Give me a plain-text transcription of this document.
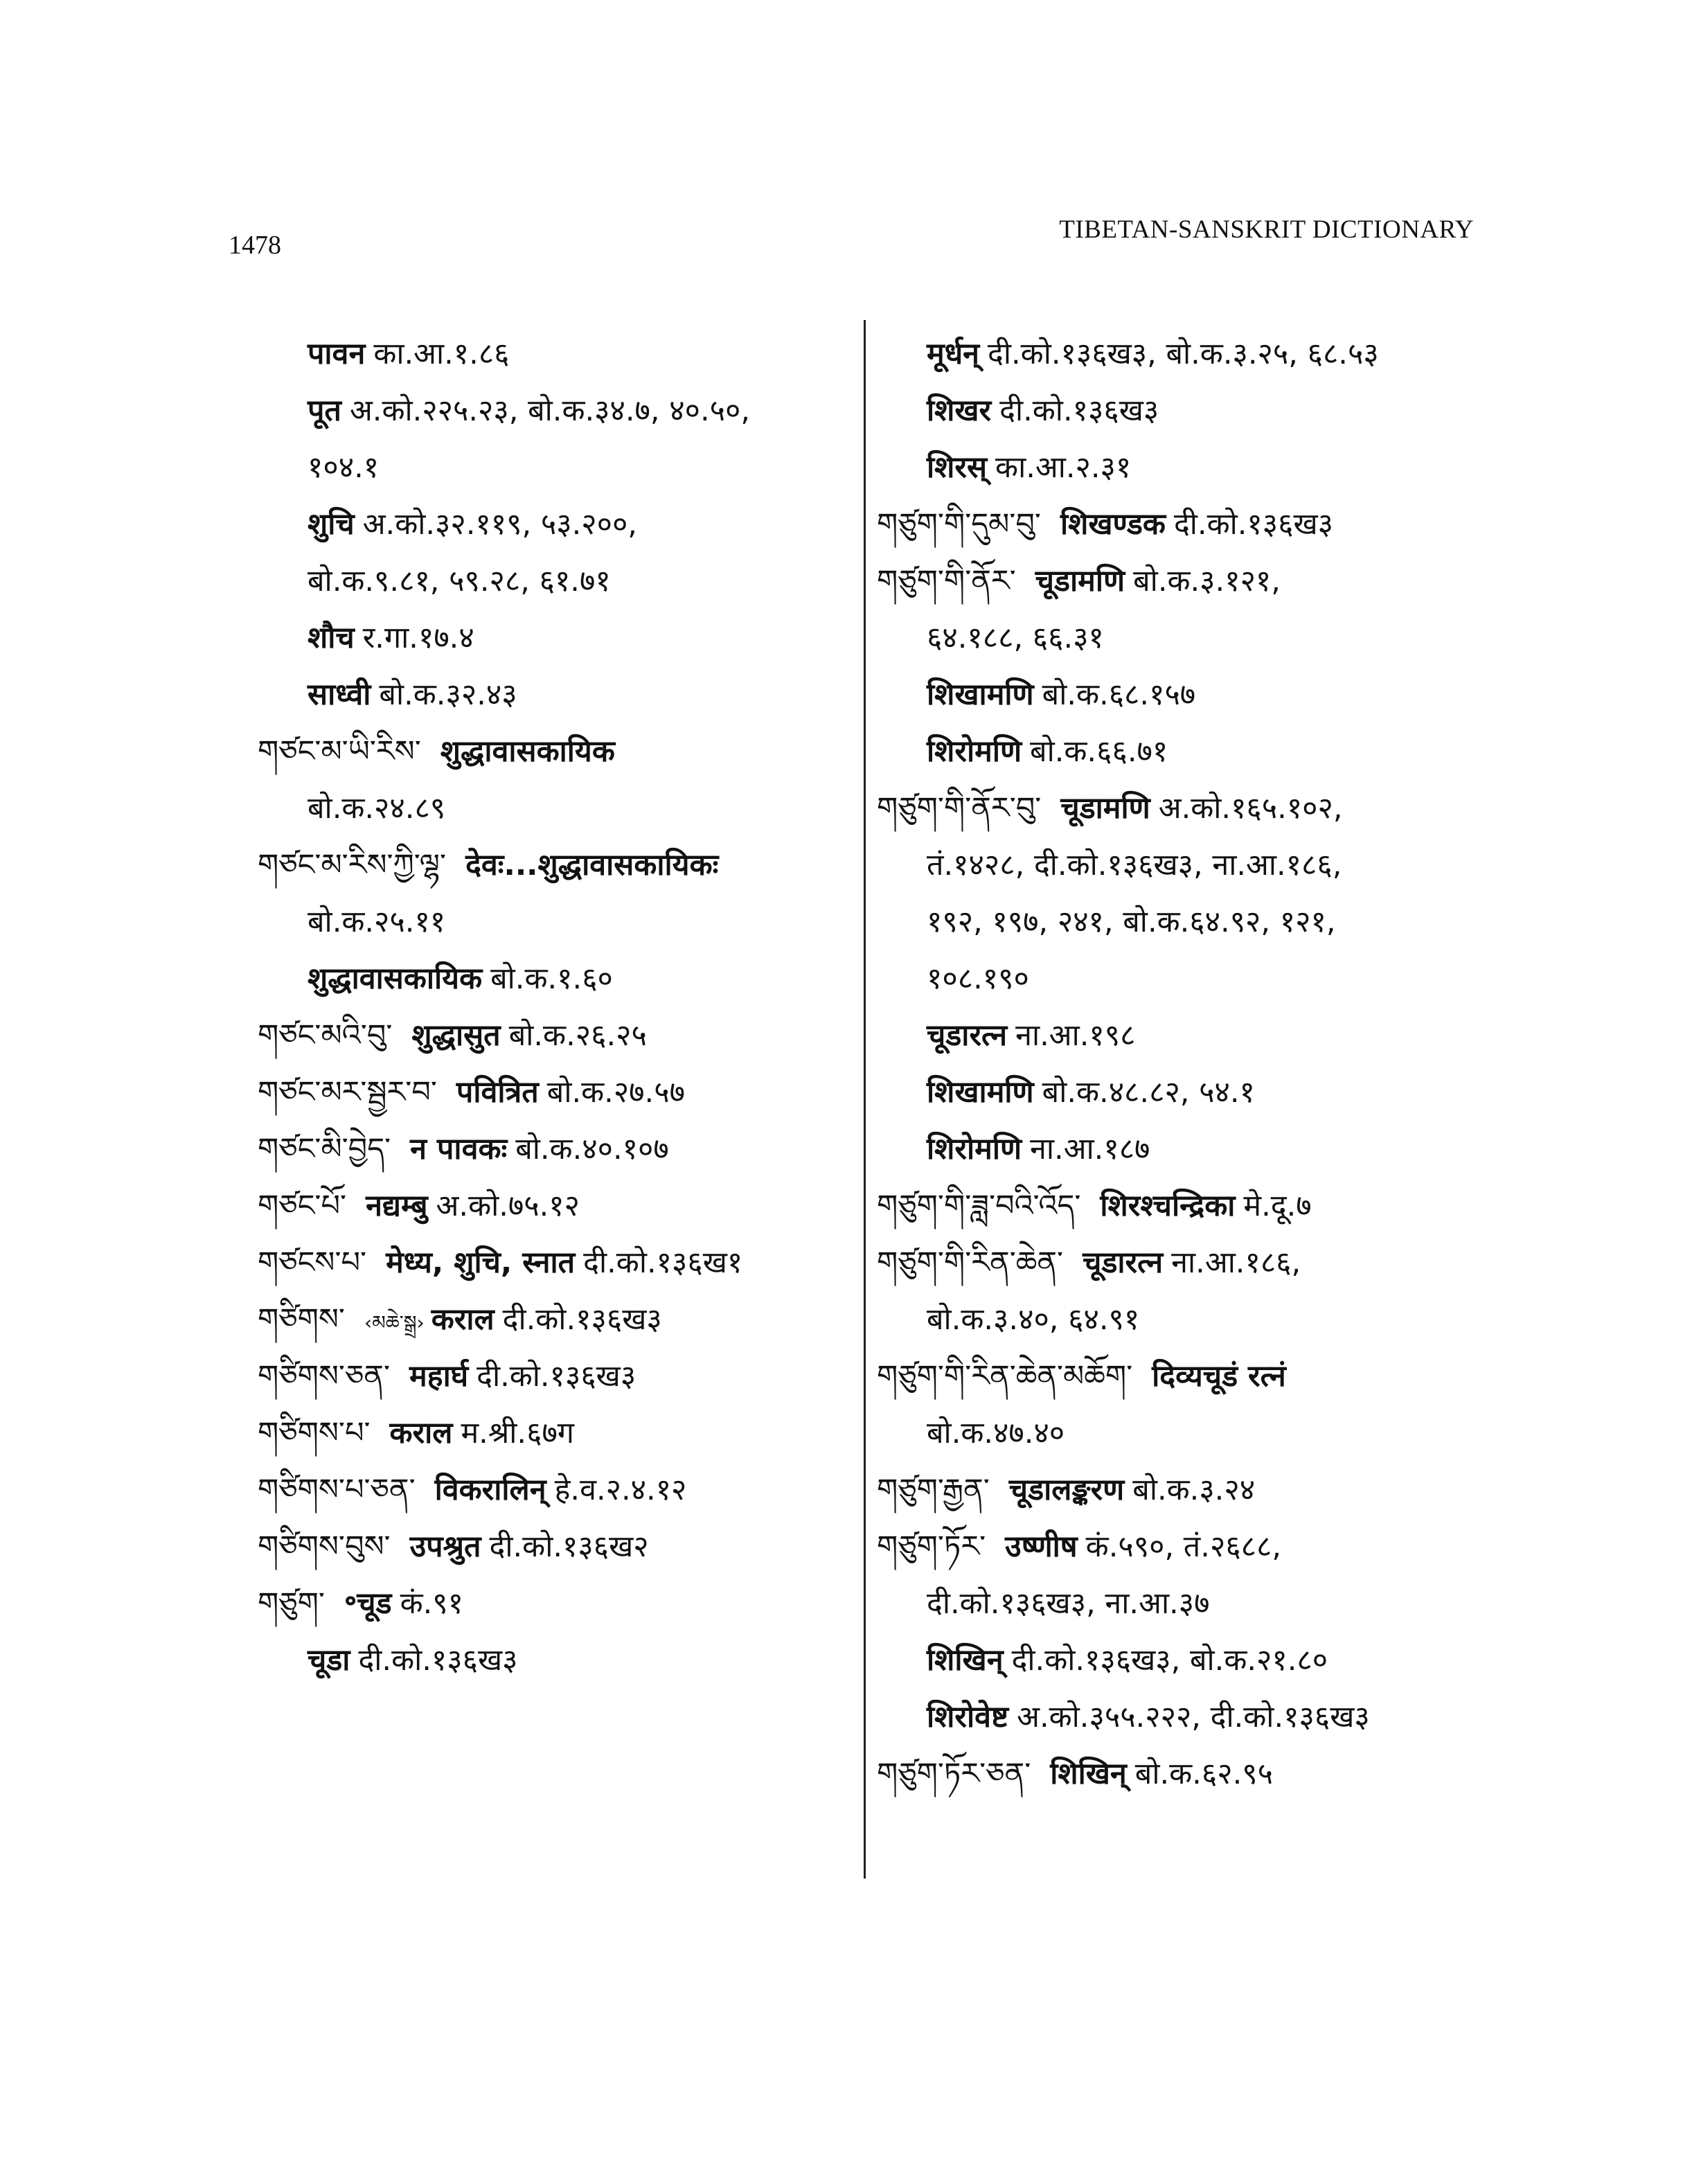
1478
TIBETAN-SANSKRIT DICTIONARY
पावन का.आ.१.८६
पूत अ.को.२२५.२३, बो.क.३४.७, ४०.५०,
१०४.१
शुचि अ.को.३२.११९, ५३.२००,
बो.क.९.८१, ५९.२८, ६१.७१
शौच र.गा.१७.४
साध्वी बो.क.३२.४३
གཙང་མ་ཡི་རིས་ शुद्धावासकायिक
बो.क.२४.८९
གཙང་མ་རིས་ཀྱི་ལྷ་ देवः...शुद्धावासकायिकः
बो.क.२५.११
शुद्धावासकायिक बो.क.१.६०
གཙང་མའི་བུ་ शुद्धासुत बो.क.२६.२५
གཙང་མར་སྦྱར་བ་ पवित्रित बो.क.२७.५७
གཙང་མི་བྱེད་ न पावकः बो.क.४०.१०७
གཙང་པོ་ नद्यम्बु अ.को.७५.१२
གཙངས་པ་ मेध्य, शुचि, स्नात दी.को.१३६ख१
གཙིགས་ ‹མཆེ་སྒྲ› कराल दी.को.१३६ख३
གཙིགས་ཅན་ महार्घ दी.को.१३६ख३
གཙིགས་པ་ कराल म.श्री.६७ग
གཙིགས་པ་ཅན་ विकरालिन् हे.व.२.४.१२
གཙིགས་བུས་ उपश्रुत दी.को.१३६ख२
གཙུག་ ॰चूड कं.९१
चूडा दी.को.१३६ख३
मूर्धन् दी.को.१३६ख३, बो.क.३.२५, ६८.५३
शिखर दी.को.१३६ख३
शिरस् का.आ.२.३१
གཙུག་གི་དུམ་བུ་ शिखण्डक दी.को.१३६ख३
གཙུག་གི་ནོར་ चूडामणि बो.क.३.१२१,
६४.१८८, ६६.३१
शिखामणि बो.क.६८.१५७
शिरोमणि बो.क.६६.७१
གཙུག་གི་ནོར་བུ་ चूडामणि अ.को.१६५.१०२,
तं.१४२८, दी.को.१३६ख३, ना.आ.१८६,
१९२, १९७, २४१, बो.क.६४.९२, १२१,
१०८.१९०
चूडारत्न ना.आ.१९८
शिखामणि बो.क.४८.८२, ५४.१
शिरोमणि ना.आ.१८७
གཙུག་གི་ཟླ་བའི་འོད་ शिरश्चन्द्रिका मे.दू.७
གཙུག་གི་རིན་ཆེན་ चूडारत्न ना.आ.१८६,
बो.क.३.४०, ६४.९१
གཙུག་གི་རིན་ཆེན་མཆོག་ दिव्यचूडं रत्नं
बो.क.४७.४०
གཙུག་རྒྱན་ चूडालङ्करण बो.क.३.२४
གཙུག་ཏོར་ उष्णीष कं.५९०, तं.२६८८,
दी.को.१३६ख३, ना.आ.३७
शिखिन् दी.को.१३६ख३, बो.क.२१.८०
शिरोवेष्ट अ.को.३५५.२२२, दी.को.१३६ख३
གཙུག་ཏོར་ཅན་ शिखिन् बो.क.६२.९५
